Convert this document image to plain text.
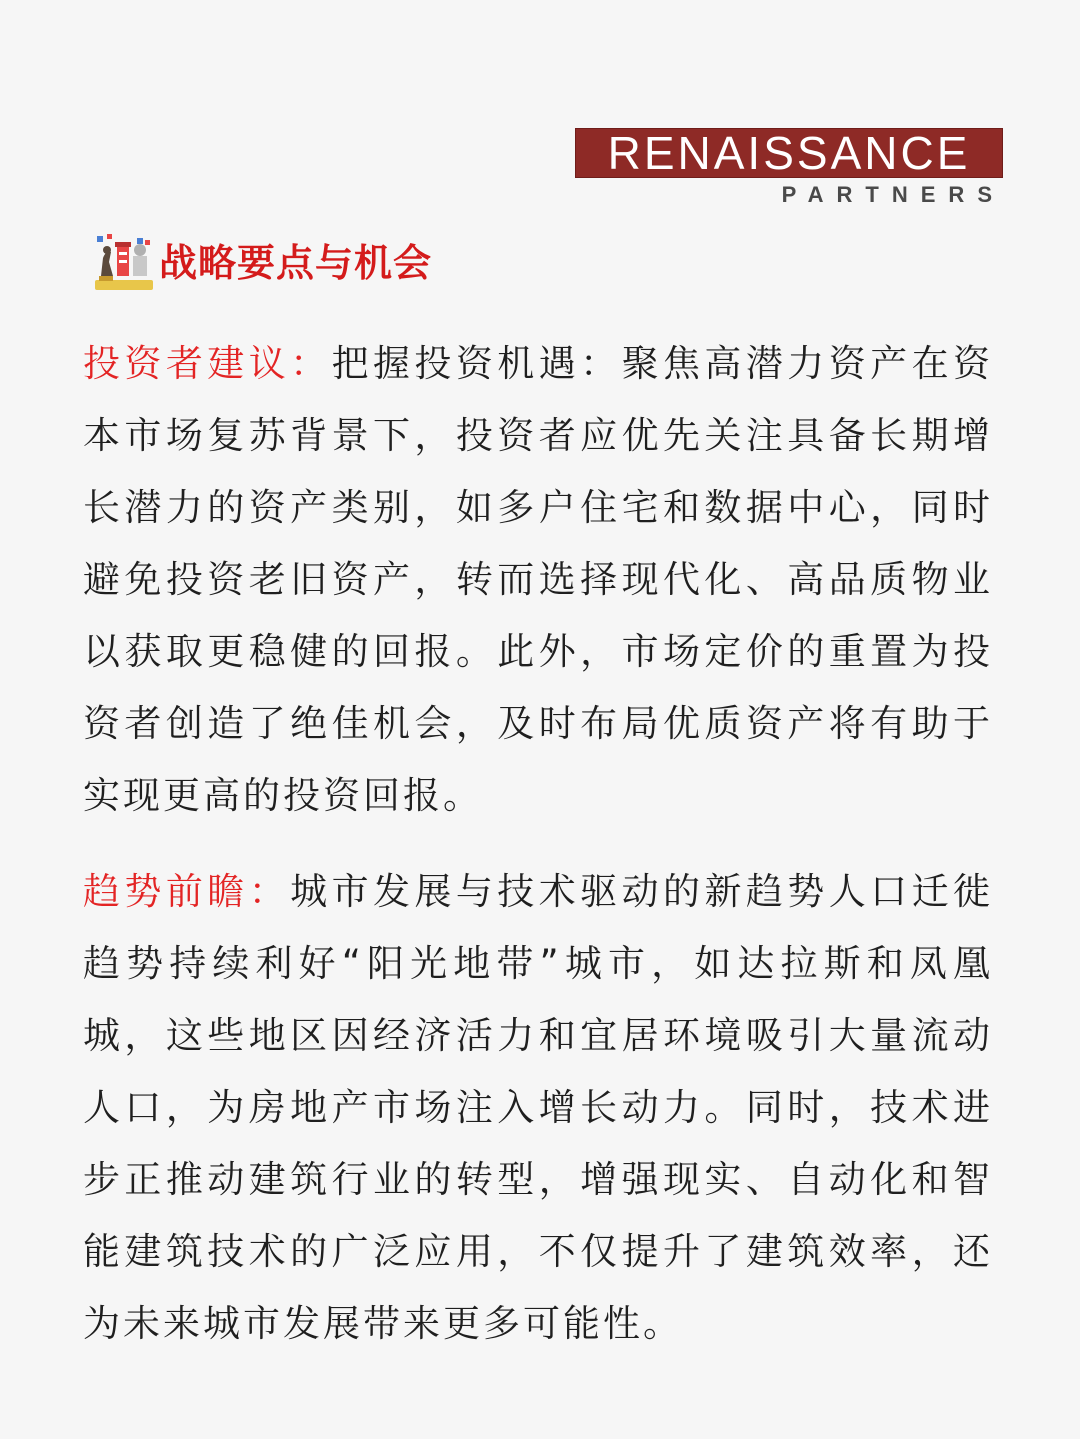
RENAISSANCE
PARTNERS
战略要点与机会

投资者建议：把握投资机遇：聚焦高潜力资产在资本市场复苏背景下，投资者应优先关注具备长期增长潜力的资产类别，如多户住宅和数据中心，同时避免投资老旧资产，转而选择现代化、高品质物业以获取更稳健的回报。此外，市场定价的重置为投资者创造了绝佳机会，及时布局优质资产将有助于实现更高的投资回报。

趋势前瞻：城市发展与技术驱动的新趋势人口迁徙趋势持续利好“阳光地带”城市，如达拉斯和凤凰城，这些地区因经济活力和宜居环境吸引大量流动人口，为房地产市场注入增长动力。同时，技术进步正推动建筑行业的转型，增强现实、自动化和智能建筑技术的广泛应用，不仅提升了建筑效率，还为未来城市发展带来更多可能性。
